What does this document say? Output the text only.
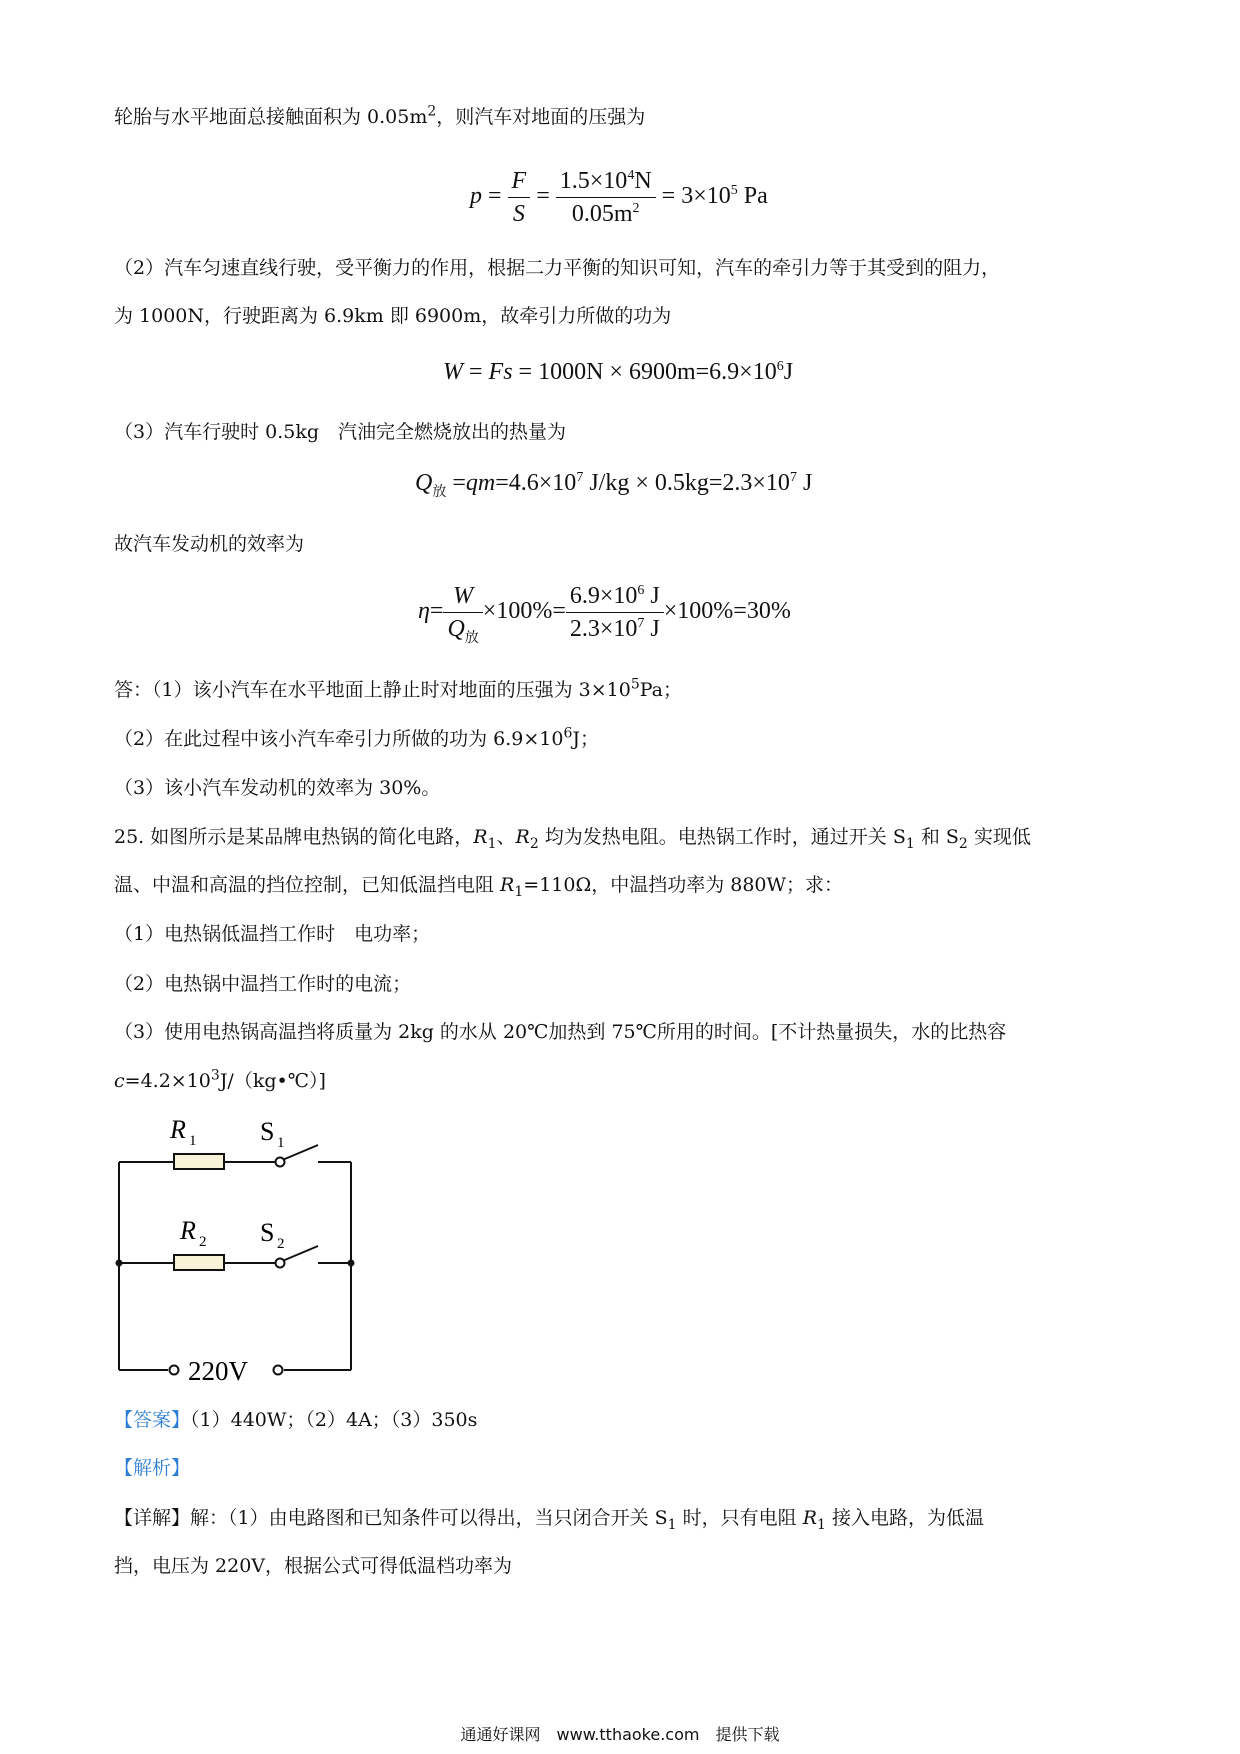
轮胎与水平地面总接触面积为 $0.05m^2$，则汽车对地面的压强为
$p = \frac{F}{S} = \frac{1.5\times 10^4N}{0.05m^2} = 3\times 10^5$ Pa
（2）汽车匀速直线行驶，受平衡力的作用，根据二力平衡的知识可知，汽车的牵引力等于其受到的阻力，
为 1000N，行驶距离为 6.9km 即 6900m，故牵引力所做的功为
$W = Fs = 1000N \times 6900m=6.9\times 10^6J$
（3）汽车行驶时 0.5kg　汽油完全燃烧放出的热量为
$Q_放 =qm=4.6\times 10^7$ $J/kg \times 0.5kg=2.3\times 10^7$ J
故汽车发动机的效率为
$\eta= \frac{W}{Q_放} \times 100\%= \frac{6.9\times 10^6 J}{2.3\times 10^7 J} \times 100\%=30\%$
答：（1）该小汽车在水平地面上静止时对地面的压强为 $3\times 10^5Pa$；
（2）在此过程中该小汽车牵引力所做的功为 $6.9\times 10^6J$；
（3）该小汽车发动机的效率为 30%。
25. 如图所示是某品牌电热锅的简化电路，$R_1$、$R_2$ 均为发热电阻。电热锅工作时，通过开关 $S_1$ 和 $S_2$ 实现低
温、中温和高温的挡位控制，已知低温挡电阻 $R_1=110\Omega$，中温挡功率为 880W；求：
（1）电热锅低温挡工作时　电功率；
（2）电热锅中温挡工作时的电流；
（3）使用电热锅高温挡将质量为 2kg 的水从 20℃加热到 75℃所用的时间。[不计热量损失，水的比热容
$c=4.2\times 10^3J/(kg•℃)$]
R 1 S 1
R 2 S 2
220V
【答案】（1）440W；（2）4A；（3）350s
【解析】
【详解】解：（1）由电路图和已知条件可以得出，当只闭合开关 $S_1$ 时，只有电阻 $R_1$ 接入电路，为低温
挡，电压为 220V，根据公式可得低温档功率为
通通好课网　www.tthaoke.com　提供下载
